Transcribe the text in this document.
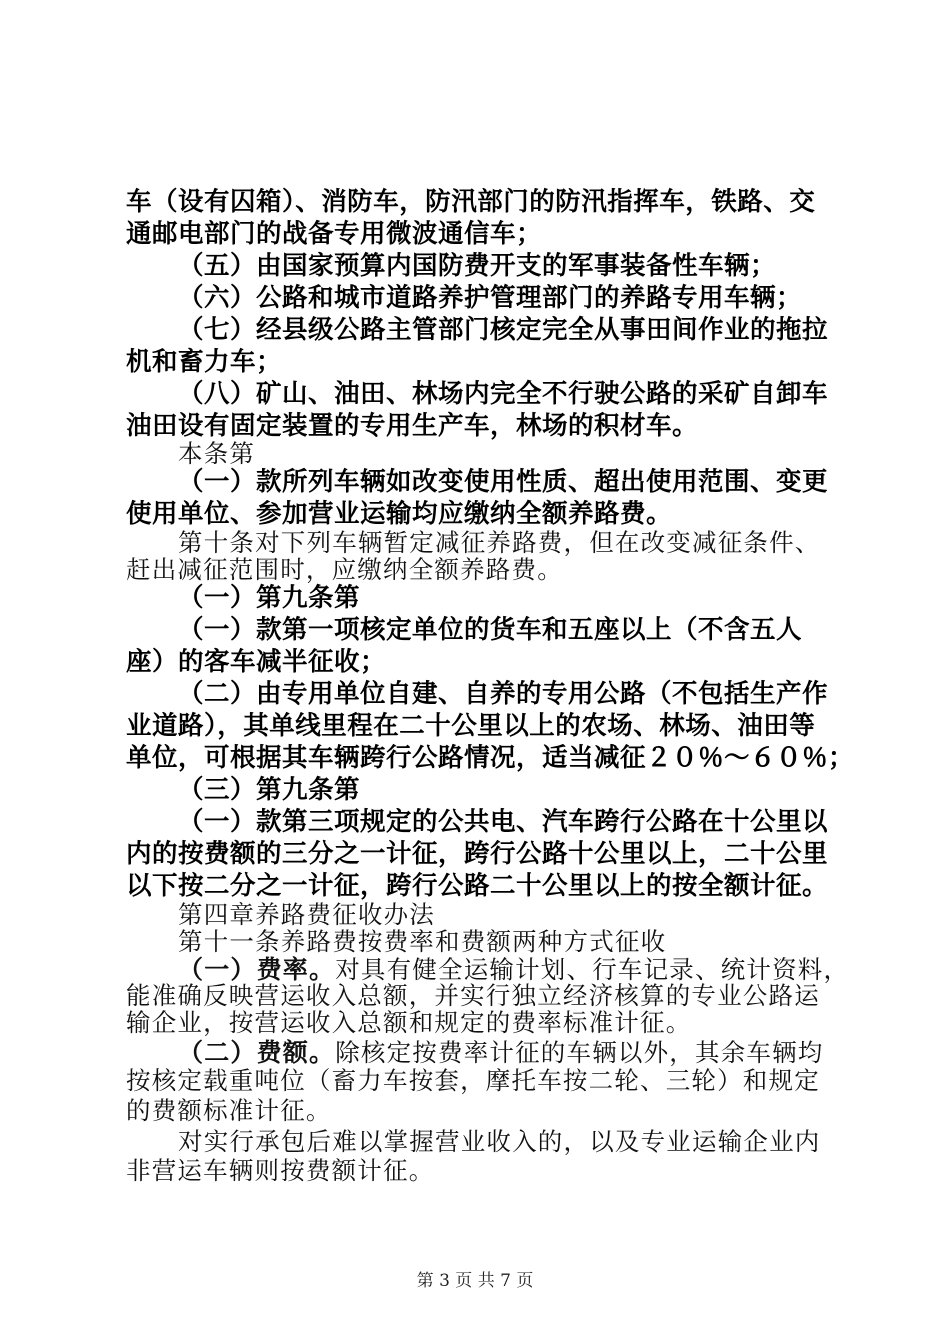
车（设有囚箱）、消防车，防汛部门的防汛指挥车，铁路、交

通邮电部门的战备专用微波通信车；

（五）由国家预算内国防费开支的军事装备性车辆；

（六）公路和城市道路养护管理部门的养路专用车辆；

（七）经县级公路主管部门核定完全从事田间作业的拖拉

机和畜力车；

（八）矿山、油田、林场内完全不行驶公路的采矿自卸车

油田设有固定装置的专用生产车，林场的积材车。

本条第

（一）款所列车辆如改变使用性质、超出使用范围、变更

使用单位、参加营业运输均应缴纳全额养路费。

第十条对下列车辆暂定减征养路费，但在改变减征条件、

赶出减征范围时，应缴纳全额养路费。

（一）第九条第

（一）款第一项核定单位的货车和五座以上（不含五人

座）的客车减半征收；

（二）由专用单位自建、自养的专用公路（不包括生产作

业道路），其单线里程在二十公里以上的农场、林场、油田等

单位，可根据其车辆跨行公路情况，适当减征２０％～６０％；

（三）第九条第

（一）款第三项规定的公共电、汽车跨行公路在十公里以

内的按费额的三分之一计征，跨行公路十公里以上，二十公里

以下按二分之一计征，跨行公路二十公里以上的按全额计征。

第四章养路费征收办法

第十一条养路费按费率和费额两种方式征收

（一）费率。对具有健全运输计划、行车记录、统计资料，

能准确反映营运收入总额，并实行独立经济核算的专业公路运

输企业，按营运收入总额和规定的费率标准计征。

（二）费额。除核定按费率计征的车辆以外，其余车辆均

按核定载重吨位（畜力车按套，摩托车按二轮、三轮）和规定

的费额标准计征。

对实行承包后难以掌握营业收入的，以及专业运输企业内

非营运车辆则按费额计征。

第 3 页 共 7 页
